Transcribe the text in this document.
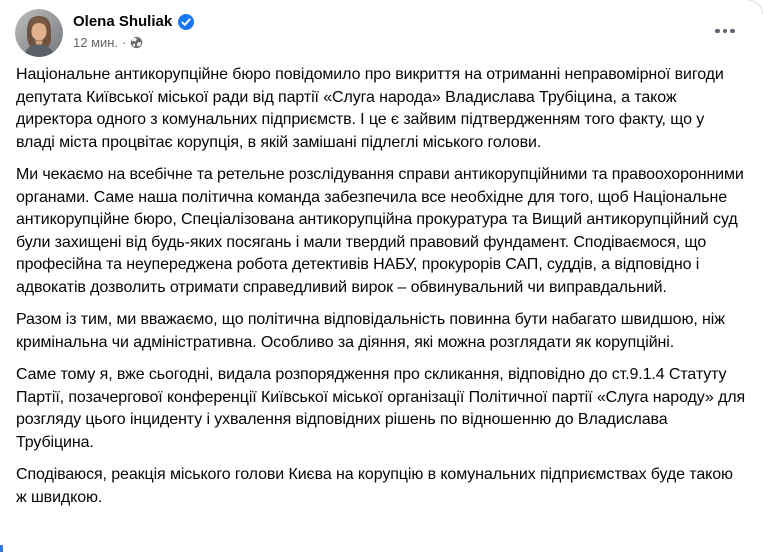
Olena Shuliak
12 мин. ·

Національне антикорупційне бюро повідомило про викриття на отриманні неправомірної вигоди депутата Київської міської ради від партії «Слуга народа» Владислава Трубіцина, а також директора одного з комунальних підприємств. І це є зайвим підтвердженням того факту, що у владі міста процвітає корупція, в якій замішані підлеглі міського голови.

Ми чекаємо на всебічне та ретельне розслідування справи антикорупційними та правоохоронними органами. Саме наша політична команда забезпечила все необхідне для того, щоб Національне антикорупційне бюро, Спеціалізована антикорупційна прокуратура та Вищий антикорупційний суд були захищені від будь-яких посягань і мали твердий правовий фундамент. Сподіваємося, що професійна та неупереджена робота детективів НАБУ, прокурорів САП, суддів, а відповідно і адвокатів дозволить отримати справедливий вирок – обвинувальний чи виправдальний.

Разом із тим, ми вважаємо, що політична відповідальність повинна бути набагато швидшою, ніж кримінальна чи адміністративна. Особливо за діяння, які можна розглядати як корупційні.

Саме тому я, вже сьогодні, видала розпорядження про скликання, відповідно до ст.9.1.4 Статуту Партії, позачергової конференції Київської міської організації Політичної партії «Слуга народу» для розгляду цього інциденту і ухвалення відповідних рішень по відношенню до Владислава Трубіцина.

Сподіваюся, реакція міського голови Києва на корупцію в комунальних підприємствах буде такою ж швидкою.
